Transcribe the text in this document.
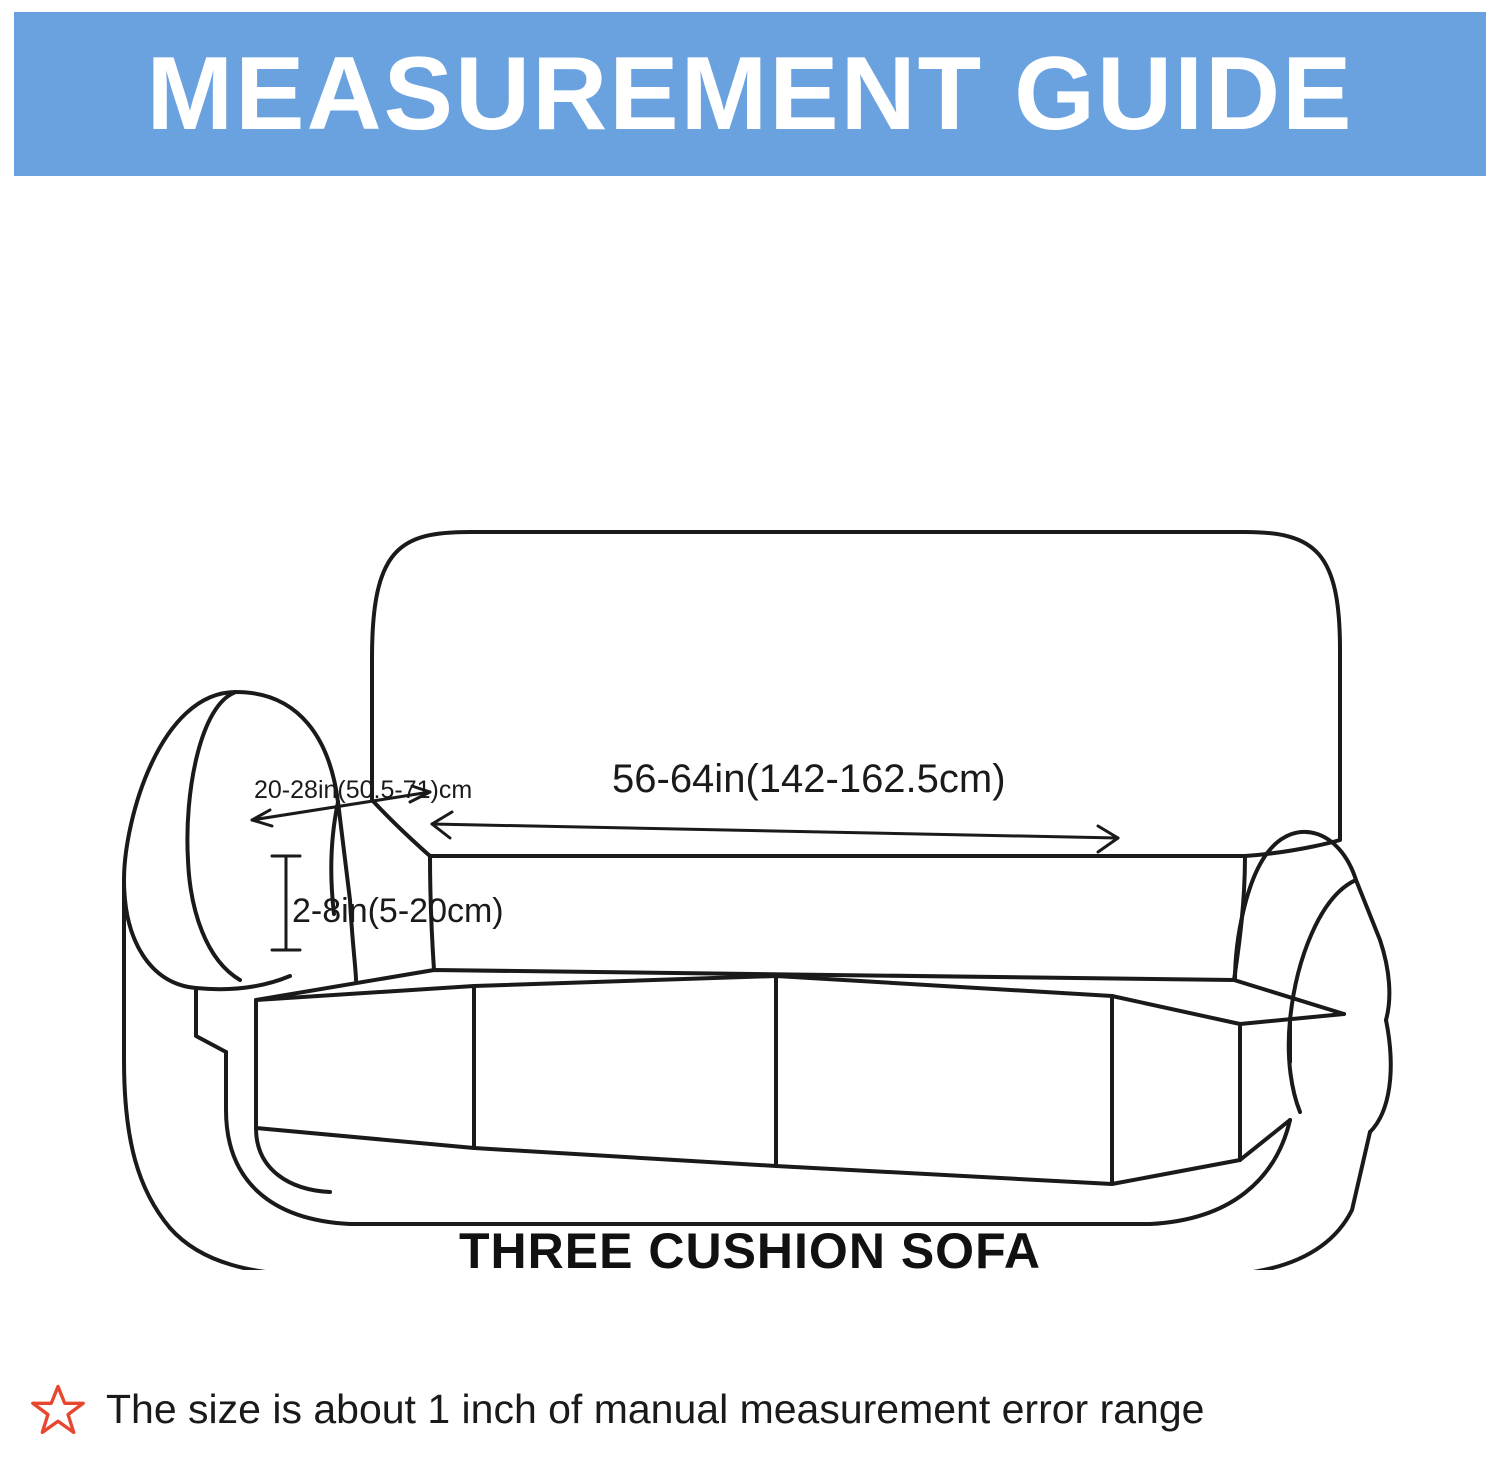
MEASUREMENT GUIDE
56-64in(142-162.5cm)
20-28in(50.5-71)cm
2-8in(5-20cm)
THREE CUSHION SOFA
The size is about 1 inch of manual measurement error range
